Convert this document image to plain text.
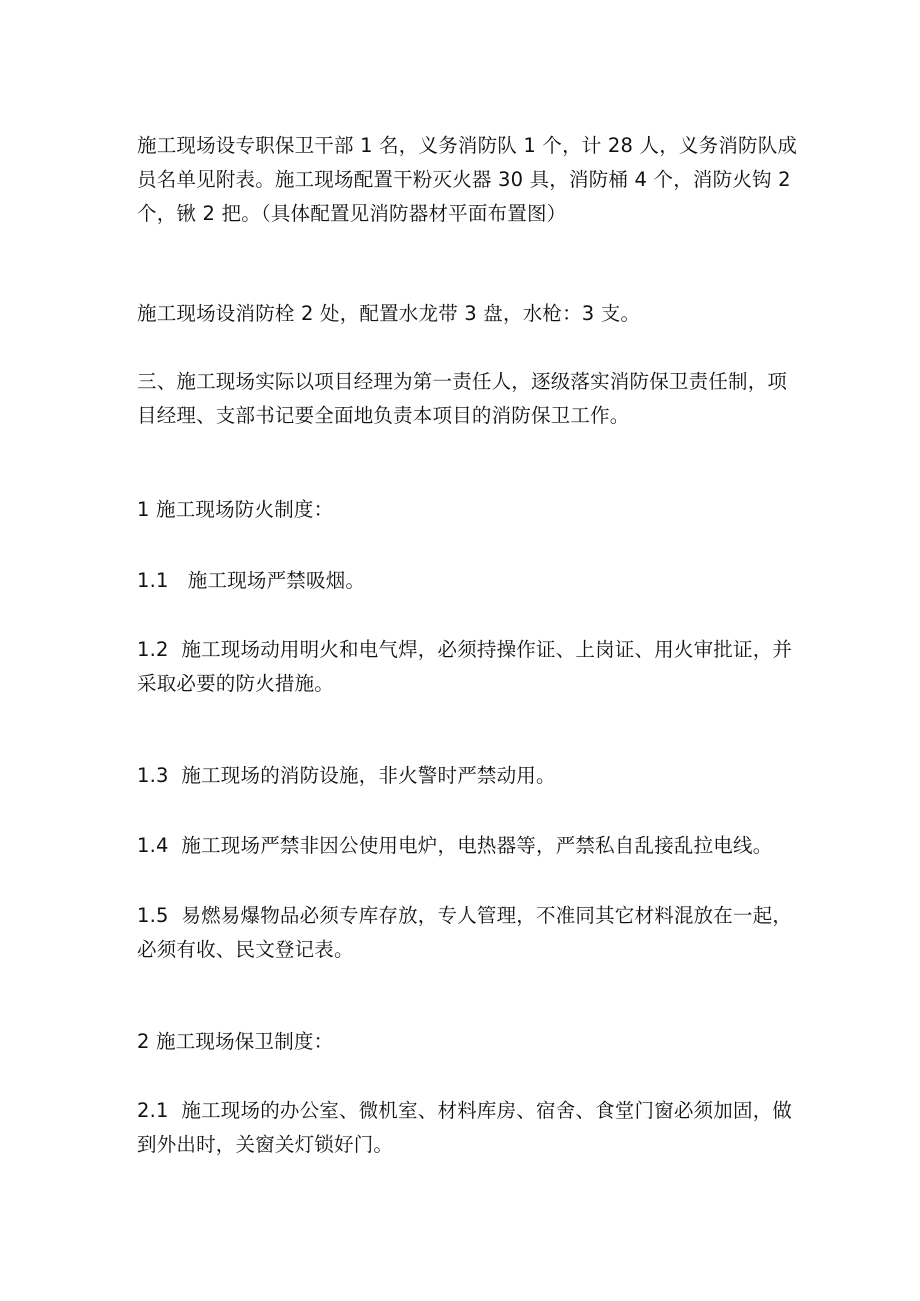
施工现场设专职保卫干部 1 名，义务消防队 1 个，计 28 人，义务消防队成员名单见附表。施工现场配置干粉灭火器 30 具，消防桶 4 个，消防火钩 2 个，锹 2 把。（具体配置见消防器材平面布置图）

施工现场设消防栓 2 处，配置水龙带 3 盘，水枪：3 支。

三、施工现场实际以项目经理为第一责任人，逐级落实消防保卫责任制，项目经理、支部书记要全面地负责本项目的消防保卫工作。

1 施工现场防火制度：

1.1   施工现场严禁吸烟。

1.2  施工现场动用明火和电气焊，必须持操作证、上岗证、用火审批证，并采取必要的防火措施。

1.3  施工现场的消防设施，非火警时严禁动用。

1.4  施工现场严禁非因公使用电炉，电热器等，严禁私自乱接乱拉电线。

1.5  易燃易爆物品必须专库存放，专人管理，不准同其它材料混放在一起，必须有收、民文登记表。

2 施工现场保卫制度：

2.1  施工现场的办公室、微机室、材料库房、宿舍、食堂门窗必须加固，做到外出时，关窗关灯锁好门。
